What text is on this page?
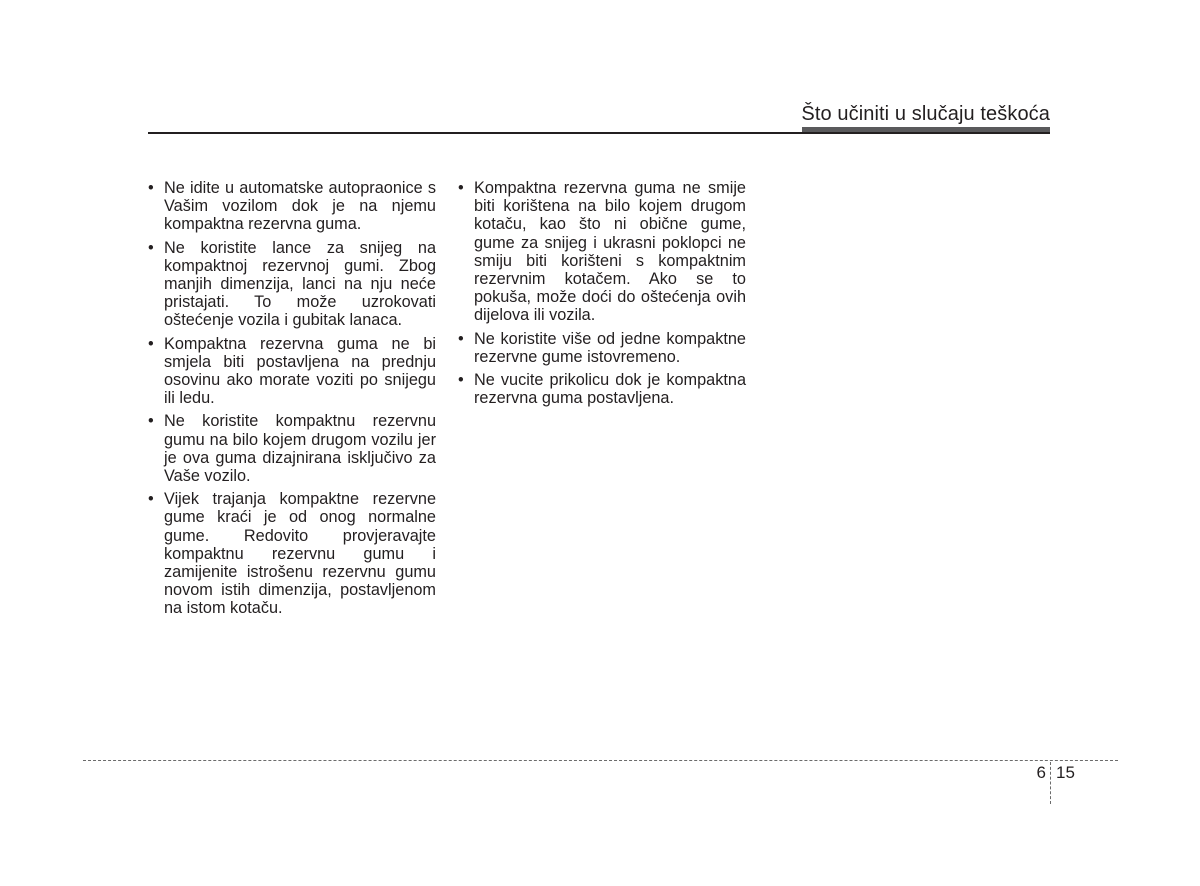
Što učiniti u slučaju teškoća
• Ne idite u automatske autopraonice s Vašim vozilom dok je na njemu kompaktna rezervna guma.
• Ne koristite lance za snijeg na kompaktnoj rezervnoj gumi. Zbog manjih dimenzija, lanci na nju neće pristajati. To može uzrokovati oštećenje vozila i gubitak lanaca.
• Kompaktna rezervna guma ne bi smjela biti postavljena na prednju osovinu ako morate voziti po snijegu ili ledu.
• Ne koristite kompaktnu rezervnu gumu na bilo kojem drugom vozilu jer je ova guma dizajnirana isključivo za Vaše vozilo.
• Vijek trajanja kompaktne rezervne gume kraći je od onog normalne gume. Redovito provjeravajte kompaktnu rezervnu gumu i zamijenite istrošenu rezervnu gumu novom istih dimenzija, postavljenom na istom kotaču.
• Kompaktna rezervna guma ne smije biti korištena na bilo kojem drugom kotaču, kao što ni obične gume, gume za snijeg i ukrasni poklopci ne smiju biti korišteni s kompaktnim rezervnim kotačem. Ako se to pokuša, može doći do oštećenja ovih dijelova ili vozila.
• Ne koristite više od jedne kompaktne rezervne gume istovremeno.
• Ne vucite prikolicu dok je kompaktna rezervna guma postavljena.
6 15
